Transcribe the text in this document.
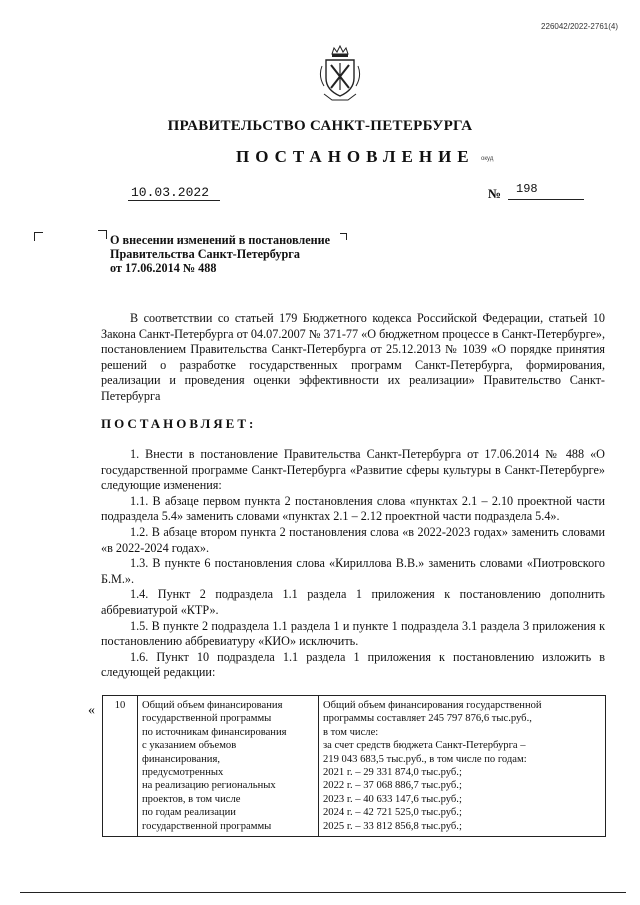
226042/2022-2761(4)
ПРАВИТЕЛЬСТВО САНКТ-ПЕТЕРБУРГА
ПОСТАНОВЛЕНИЕ окуд
10.03.2022	№ 198
О внесении изменений в постановление
Правительства Санкт-Петербурга
от 17.06.2014 № 488
В соответствии со статьей 179 Бюджетного кодекса Российской Федерации, статьей 10 Закона Санкт-Петербурга от 04.07.2007 № 371-77 «О бюджетном процессе в Санкт-Петербурге», постановлением Правительства Санкт-Петербурга от 25.12.2013 № 1039 «О порядке принятия решений о разработке государственных программ Санкт-Петербурга, формирования, реализации и проведения оценки эффективности их реализации» Правительство Санкт-Петербурга
ПОСТАНОВЛЯЕТ:

1. Внести в постановление Правительства Санкт-Петербурга от 17.06.2014 № 488 «О государственной программе Санкт-Петербурга «Развитие сферы культуры в Санкт-Петербурге» следующие изменения:

1.1. В абзаце первом пункта 2 постановления слова «пунктах 2.1 – 2.10 проектной части подраздела 5.4» заменить словами «пунктах 2.1 – 2.12 проектной части подраздела 5.4».

1.2. В абзаце втором пункта 2 постановления слова «в 2022-2023 годах» заменить словами «в 2022-2024 годах».

1.3. В пункте 6 постановления слова «Кириллова В.В.» заменить словами «Пиотровского Б.М.».

1.4. Пункт 2 подраздела 1.1 раздела 1 приложения к постановлению дополнить аббревиатурой «КТР».

1.5. В пункте 2 подраздела 1.1 раздела 1 и пункте 1 подраздела 3.1 раздела 3 приложения к постановлению аббревиатуру «КИО» исключить.

1.6. Пункт 10 подраздела 1.1 раздела 1 приложения к постановлению изложить в следующей редакции:

« 10	Общий объем финансирования
государственной программы
по источникам финансирования
с указанием объемов
финансирования,
предусмотренных
на реализацию региональных
проектов, в том числе
по годам реализации
государственной программы

Общий объем финансирования государственной
программы составляет 245 797 876,6 тыс.руб.,
в том числе:
за счет средств бюджета Санкт-Петербурга –
219 043 683,5 тыс.руб., в том числе по годам:
2021 г. – 29 331 874,0 тыс.руб.;
2022 г. – 37 068 886,7 тыс.руб.;
2023 г. – 40 633 147,6 тыс.руб.;
2024 г. – 42 721 525,0 тыс.руб.;
2025 г. – 33 812 856,8 тыс.руб.;
